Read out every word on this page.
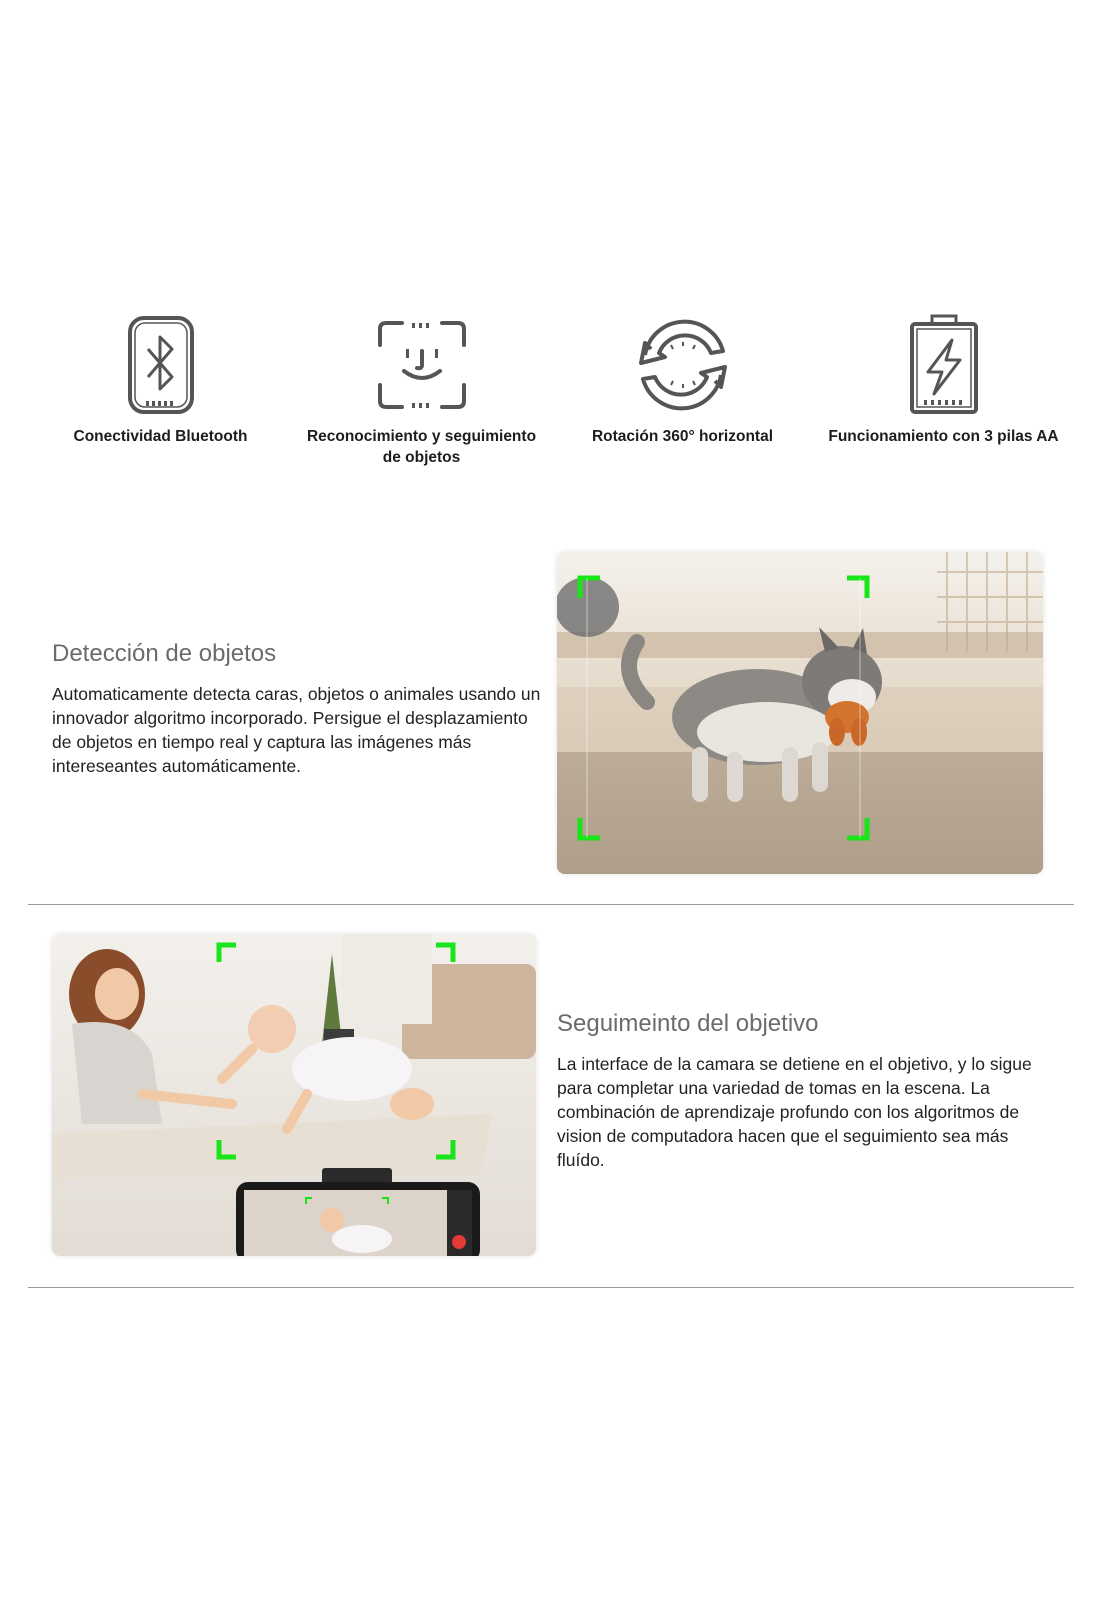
Conectividad Bluetooth	Reconocimiento y seguimiento de objetos
Rotación 360° horizontal	Funcionamiento con 3 pilas AA
Detección de objetos

Automaticamente detecta caras, objetos o animales usando un innovador algoritmo incorporado. Persigue el desplazamiento de objetos en tiempo real y captura las imágenes más intereseantes automáticamente.

Seguimeinto del objetivo

La interface de la camara se detiene en el objetivo, y lo sigue para completar una variedad de tomas en la escena. La combinación de aprendizaje profundo con los algoritmos de vision de computadora hacen que el seguimiento sea más fluído.
